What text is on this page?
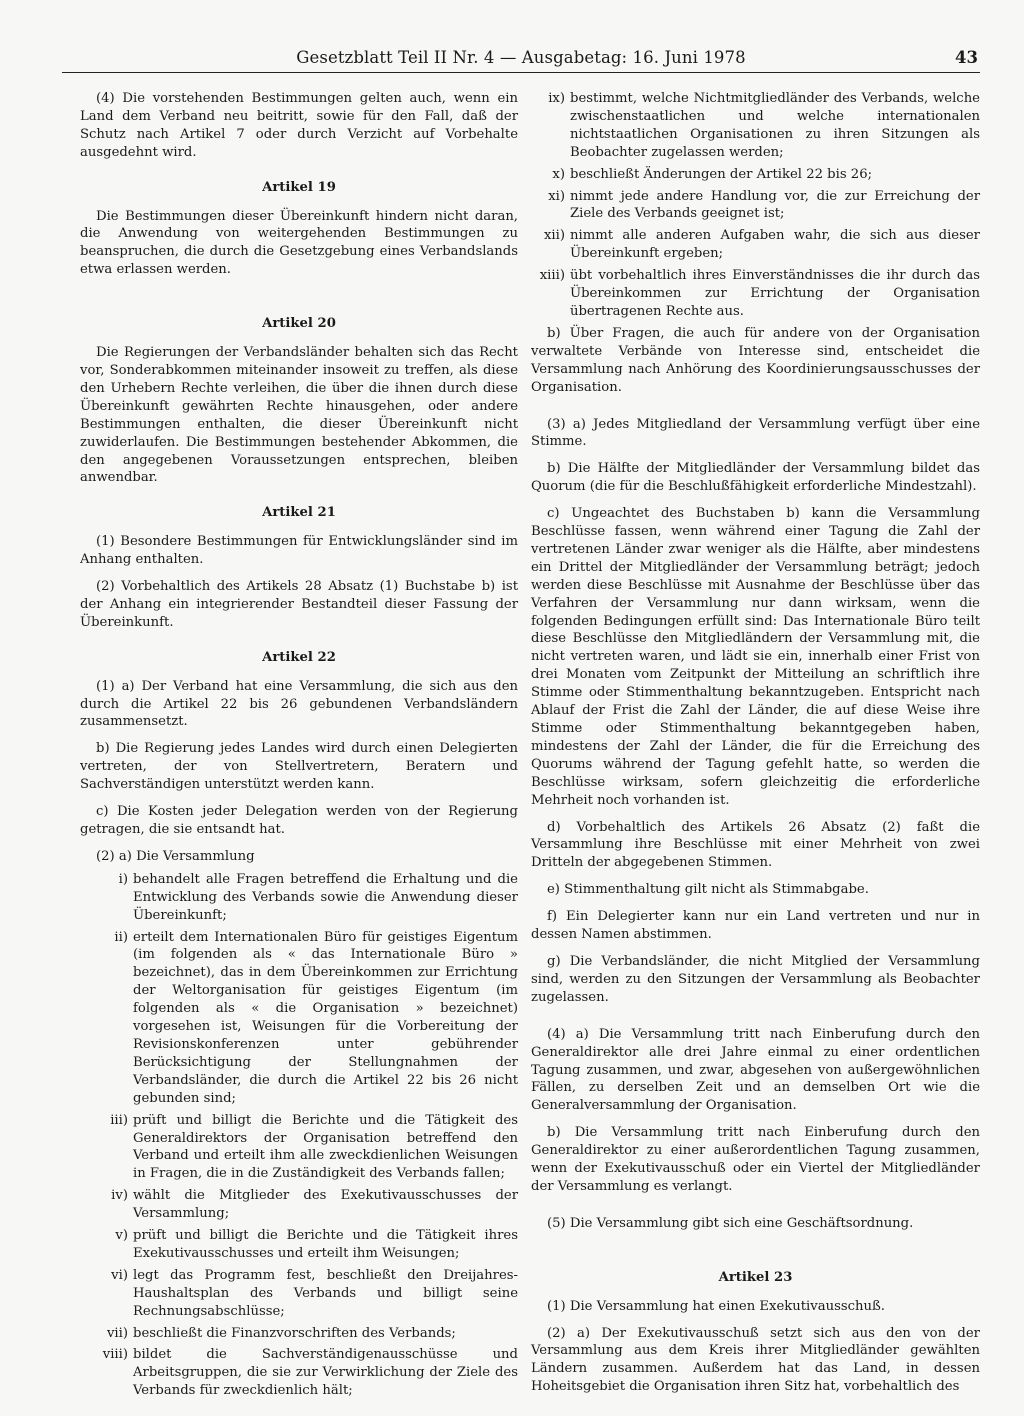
Gesetzblatt Teil II Nr. 4 — Ausgabetag: 16. Juni 1978	43

(4) Die vorstehenden Bestimmungen gelten auch, wenn ein Land dem Verband neu beitritt, sowie für den Fall, daß der Schutz nach Artikel 7 oder durch Verzicht auf Vorbehalte ausgedehnt wird.

Artikel 19

Die Bestimmungen dieser Übereinkunft hindern nicht daran, die Anwendung von weitergehenden Bestimmungen zu beanspruchen, die durch die Gesetzgebung eines Verbandslands etwa erlassen werden.

Artikel 20

Die Regierungen der Verbandsländer behalten sich das Recht vor, Sonderabkommen miteinander insoweit zu treffen, als diese den Urhebern Rechte verleihen, die über die ihnen durch diese Übereinkunft gewährten Rechte hinausgehen, oder andere Bestimmungen enthalten, die dieser Übereinkunft nicht zuwiderlaufen. Die Bestimmungen bestehender Abkommen, die den angegebenen Voraussetzungen entsprechen, bleiben anwendbar.

Artikel 21

(1) Besondere Bestimmungen für Entwicklungsländer sind im Anhang enthalten.

(2) Vorbehaltlich des Artikels 28 Absatz (1) Buchstabe b) ist der Anhang ein integrierender Bestandteil dieser Fassung der Übereinkunft.

Artikel 22

(1) a) Der Verband hat eine Versammlung, die sich aus den durch die Artikel 22 bis 26 gebundenen Verbandsländern zusammensetzt.

b) Die Regierung jedes Landes wird durch einen Delegierten vertreten, der von Stellvertretern, Beratern und Sachverständigen unterstützt werden kann.

c) Die Kosten jeder Delegation werden von der Regierung getragen, die sie entsandt hat.

(2) a) Die Versammlung

i) behandelt alle Fragen betreffend die Erhaltung und die Entwicklung des Verbands sowie die Anwendung dieser Übereinkunft;
ii) erteilt dem Internationalen Büro für geistiges Eigentum (im folgenden als « das Internationale Büro » bezeichnet), das in dem Übereinkommen zur Errichtung der Weltorganisation für geistiges Eigentum (im folgenden als « die Organisation » bezeichnet) vorgesehen ist, Weisungen für die Vorbereitung der Revisionskonferenzen unter gebührender Berücksichtigung der Stellungnahmen der Verbandsländer, die durch die Artikel 22 bis 26 nicht gebunden sind;
iii) prüft und billigt die Berichte und die Tätigkeit des Generaldirektors der Organisation betreffend den Verband und erteilt ihm alle zweckdienlichen Weisungen in Fragen, die in die Zuständigkeit des Verbands fallen;
iv) wählt die Mitglieder des Exekutivausschusses der Versammlung;
v) prüft und billigt die Berichte und die Tätigkeit ihres Exekutivausschusses und erteilt ihm Weisungen;
vi) legt das Programm fest, beschließt den Dreijahres-Haushaltsplan des Verbands und billigt seine Rechnungsabschlüsse;
vii) beschließt die Finanzvorschriften des Verbands;
viii) bildet die Sachverständigenausschüsse und Arbeitsgruppen, die sie zur Verwirklichung der Ziele des Verbands für zweckdienlich hält;
ix) bestimmt, welche Nichtmitgliedländer des Verbands, welche zwischenstaatlichen und welche internationalen nichtstaatlichen Organisationen zu ihren Sitzungen als Beobachter zugelassen werden;
x) beschließt Änderungen der Artikel 22 bis 26;
xi) nimmt jede andere Handlung vor, die zur Erreichung der Ziele des Verbands geeignet ist;
xii) nimmt alle anderen Aufgaben wahr, die sich aus dieser Übereinkunft ergeben;
xiii) übt vorbehaltlich ihres Einverständnisses die ihr durch das Übereinkommen zur Errichtung der Organisation übertragenen Rechte aus.

b) Über Fragen, die auch für andere von der Organisation verwaltete Verbände von Interesse sind, entscheidet die Versammlung nach Anhörung des Koordinierungsausschusses der Organisation.

(3) a) Jedes Mitgliedland der Versammlung verfügt über eine Stimme.

b) Die Hälfte der Mitgliedländer der Versammlung bildet das Quorum (die für die Beschlußfähigkeit erforderliche Mindestzahl).

c) Ungeachtet des Buchstaben b) kann die Versammlung Beschlüsse fassen, wenn während einer Tagung die Zahl der vertretenen Länder zwar weniger als die Hälfte, aber mindestens ein Drittel der Mitgliedländer der Versammlung beträgt; jedoch werden diese Beschlüsse mit Ausnahme der Beschlüsse über das Verfahren der Versammlung nur dann wirksam, wenn die folgenden Bedingungen erfüllt sind: Das Internationale Büro teilt diese Beschlüsse den Mitgliedländern der Versammlung mit, die nicht vertreten waren, und lädt sie ein, innerhalb einer Frist von drei Monaten vom Zeitpunkt der Mitteilung an schriftlich ihre Stimme oder Stimmenthaltung bekanntzugeben. Entspricht nach Ablauf der Frist die Zahl der Länder, die auf diese Weise ihre Stimme oder Stimmenthaltung bekanntgegeben haben, mindestens der Zahl der Länder, die für die Erreichung des Quorums während der Tagung gefehlt hatte, so werden die Beschlüsse wirksam, sofern gleichzeitig die erforderliche Mehrheit noch vorhanden ist.

d) Vorbehaltlich des Artikels 26 Absatz (2) faßt die Versammlung ihre Beschlüsse mit einer Mehrheit von zwei Dritteln der abgegebenen Stimmen.

e) Stimmenthaltung gilt nicht als Stimmabgabe.

f) Ein Delegierter kann nur ein Land vertreten und nur in dessen Namen abstimmen.

g) Die Verbandsländer, die nicht Mitglied der Versammlung sind, werden zu den Sitzungen der Versammlung als Beobachter zugelassen.

(4) a) Die Versammlung tritt nach Einberufung durch den Generaldirektor alle drei Jahre einmal zu einer ordentlichen Tagung zusammen, und zwar, abgesehen von außergewöhnlichen Fällen, zu derselben Zeit und an demselben Ort wie die Generalversammlung der Organisation.

b) Die Versammlung tritt nach Einberufung durch den Generaldirektor zu einer außerordentlichen Tagung zusammen, wenn der Exekutivausschuß oder ein Viertel der Mitgliedländer der Versammlung es verlangt.

(5) Die Versammlung gibt sich eine Geschäftsordnung.

Artikel 23

(1) Die Versammlung hat einen Exekutivausschuß.

(2) a) Der Exekutivausschuß setzt sich aus den von der Versammlung aus dem Kreis ihrer Mitgliedländer gewählten Ländern zusammen. Außerdem hat das Land, in dessen Hoheitsgebiet die Organisation ihren Sitz hat, vorbehaltlich des
